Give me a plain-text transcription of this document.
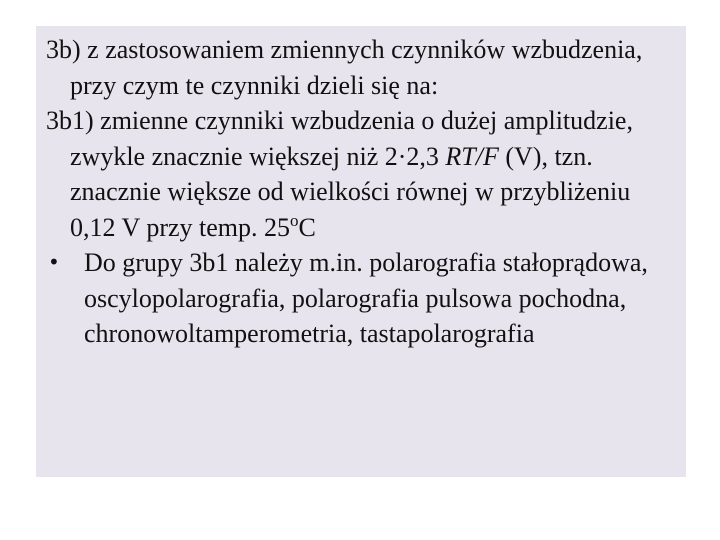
3b) z zastosowaniem zmiennych czynników wzbudzenia, przy czym te czynniki dzieli się na:

3b1) zmienne czynniki wzbudzenia o dużej amplitudzie, zwykle znacznie większej niż 2·2,3 RT/F (V), tzn. znacznie większe od wielkości równej w przybliżeniu 0,12 V przy temp. 25$^o$C

• Do grupy 3b1 należy m.in. polarografia stałoprądowa, oscylopolarografia, polarografia pulsowa pochodna, chronowoltamperometria, tastapolarografia
